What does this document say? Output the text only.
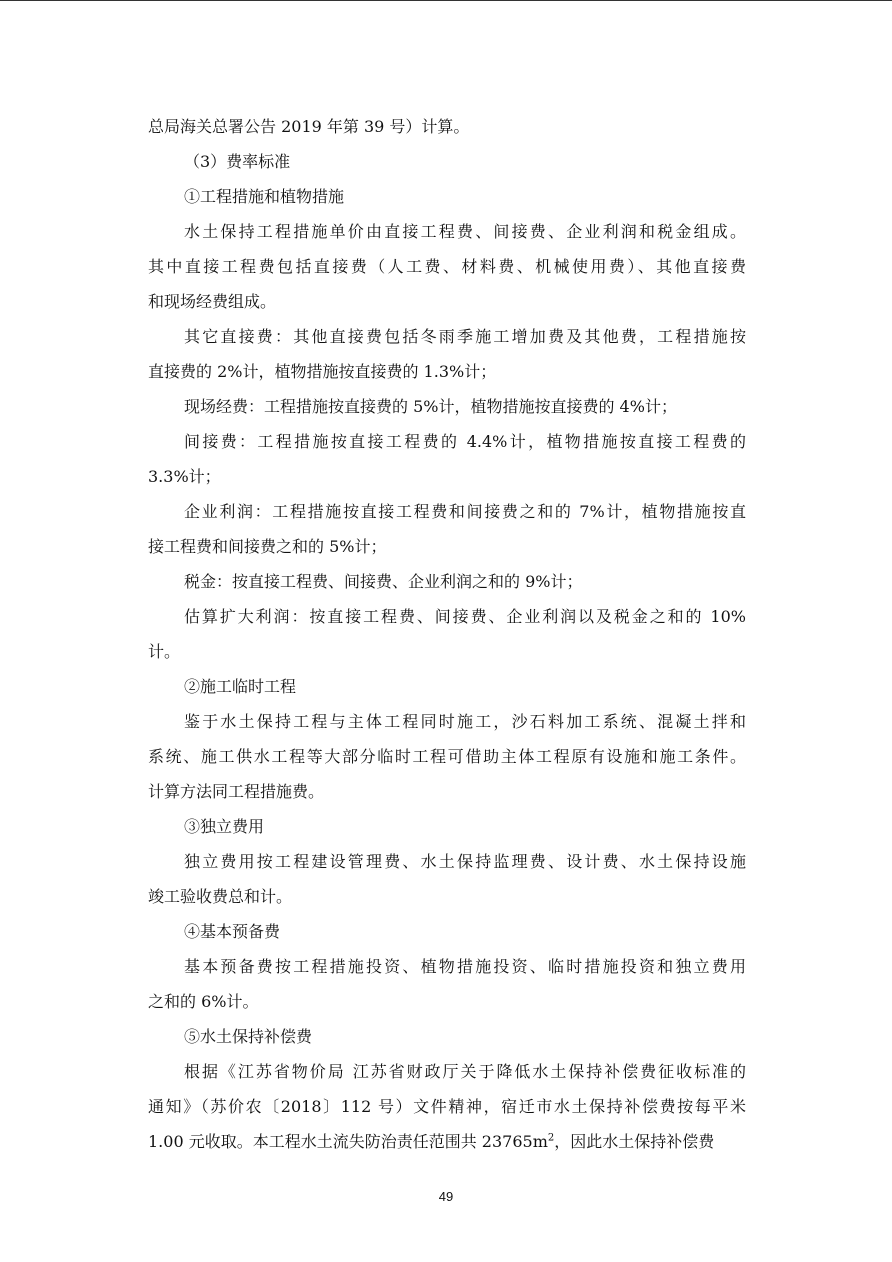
总局海关总署公告 2019 年第 39 号）计算。
（3）费率标准
①工程措施和植物措施
水土保持工程措施单价由直接工程费、间接费、企业利润和税金组成。
其中直接工程费包括直接费（人工费、材料费、机械使用费）、其他直接费
和现场经费组成。
其它直接费：其他直接费包括冬雨季施工增加费及其他费，工程措施按
直接费的 2%计，植物措施按直接费的 1.3%计；
现场经费：工程措施按直接费的 5%计，植物措施按直接费的 4%计；
间接费：工程措施按直接工程费的 4.4%计，植物措施按直接工程费的
3.3%计；
企业利润：工程措施按直接工程费和间接费之和的 7%计，植物措施按直
接工程费和间接费之和的 5%计；
税金：按直接工程费、间接费、企业利润之和的 9%计；
估算扩大利润：按直接工程费、间接费、企业利润以及税金之和的 10%
计。
②施工临时工程
鉴于水土保持工程与主体工程同时施工，沙石料加工系统、混凝土拌和
系统、施工供水工程等大部分临时工程可借助主体工程原有设施和施工条件。
计算方法同工程措施费。
③独立费用
独立费用按工程建设管理费、水土保持监理费、设计费、水土保持设施
竣工验收费总和计。
④基本预备费
基本预备费按工程措施投资、植物措施投资、临时措施投资和独立费用
之和的 6%计。
⑤水土保持补偿费
根据《江苏省物价局 江苏省财政厅关于降低水土保持补偿费征收标准的
通知》（苏价农〔2018〕112 号）文件精神，宿迁市水土保持补偿费按每平米
1.00 元收取。本工程水土流失防治责任范围共 $23765m^2$，因此水土保持补偿费
49
